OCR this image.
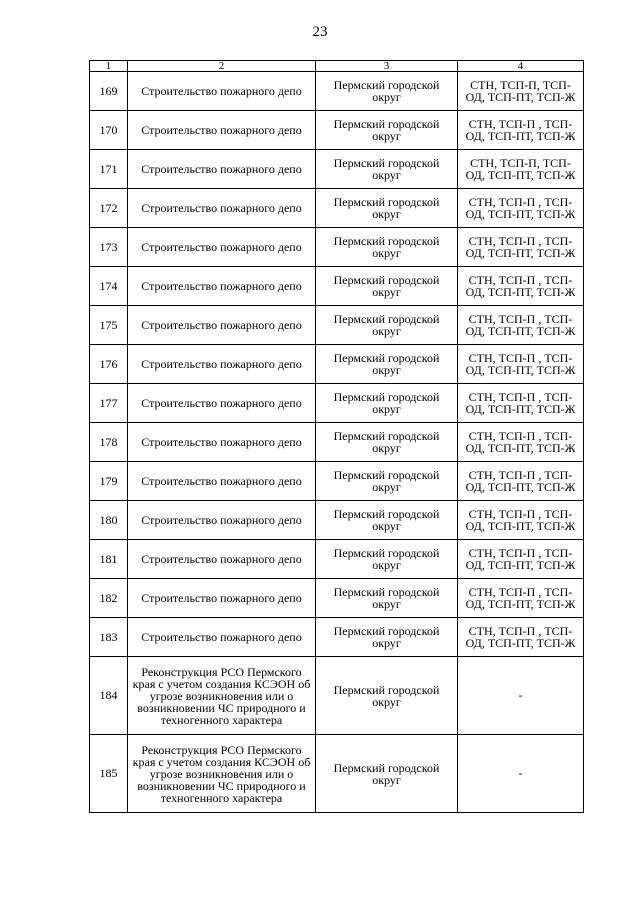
23
1	2	3	4
169	Строительство пожарного депо	Пермский городской округ	СТН, ТСП-П, ТСП-ОД, ТСП-ПТ, ТСП-Ж

170	Строительство пожарного депо	Пермский городской округ	СТН, ТСП-П , ТСП-ОД, ТСП-ПТ, ТСП-Ж

171	Строительство пожарного депо	Пермский городской округ	СТН, ТСП-П, ТСП-ОД, ТСП-ПТ, ТСП-Ж

172	Строительство пожарного депо	Пермский городской округ	СТН, ТСП-П , ТСП-ОД, ТСП-ПТ, ТСП-Ж

173	Строительство пожарного депо	Пермский городской округ	СТН, ТСП-П , ТСП-ОД, ТСП-ПТ, ТСП-Ж

174	Строительство пожарного депо	Пермский городской округ	СТН, ТСП-П , ТСП-ОД, ТСП-ПТ, ТСП-Ж

175	Строительство пожарного депо	Пермский городской округ	СТН, ТСП-П , ТСП-ОД, ТСП-ПТ, ТСП-Ж

176	Строительство пожарного депо	Пермский городской округ	СТН, ТСП-П , ТСП-ОД, ТСП-ПТ, ТСП-Ж

177	Строительство пожарного депо	Пермский городской округ	СТН, ТСП-П , ТСП-ОД, ТСП-ПТ, ТСП-Ж

178	Строительство пожарного депо	Пермский городской округ	СТН, ТСП-П , ТСП-ОД, ТСП-ПТ, ТСП-Ж

179	Строительство пожарного депо	Пермский городской округ	СТН, ТСП-П , ТСП-ОД, ТСП-ПТ, ТСП-Ж

180	Строительство пожарного депо	Пермский городской округ	СТН, ТСП-П , ТСП-ОД, ТСП-ПТ, ТСП-Ж

181	Строительство пожарного депо	Пермский городской округ	СТН, ТСП-П , ТСП-ОД, ТСП-ПТ, ТСП-Ж

182	Строительство пожарного депо	Пермский городской округ	СТН, ТСП-П , ТСП-ОД, ТСП-ПТ, ТСП-Ж

183	Строительство пожарного депо	Пермский городской округ	СТН, ТСП-П , ТСП-ОД, ТСП-ПТ, ТСП-Ж

184	Реконструкция РСО Пермского края с учетом создания КСЭОН об угрозе возникновения или о возникновении ЧС природного и техногенного характера	Пермский городской округ	-

185	Реконструкция РСО Пермского края с учетом создания КСЭОН об угрозе возникновения или о возникновении ЧС природного и техногенного характера	Пермский городской округ	-
